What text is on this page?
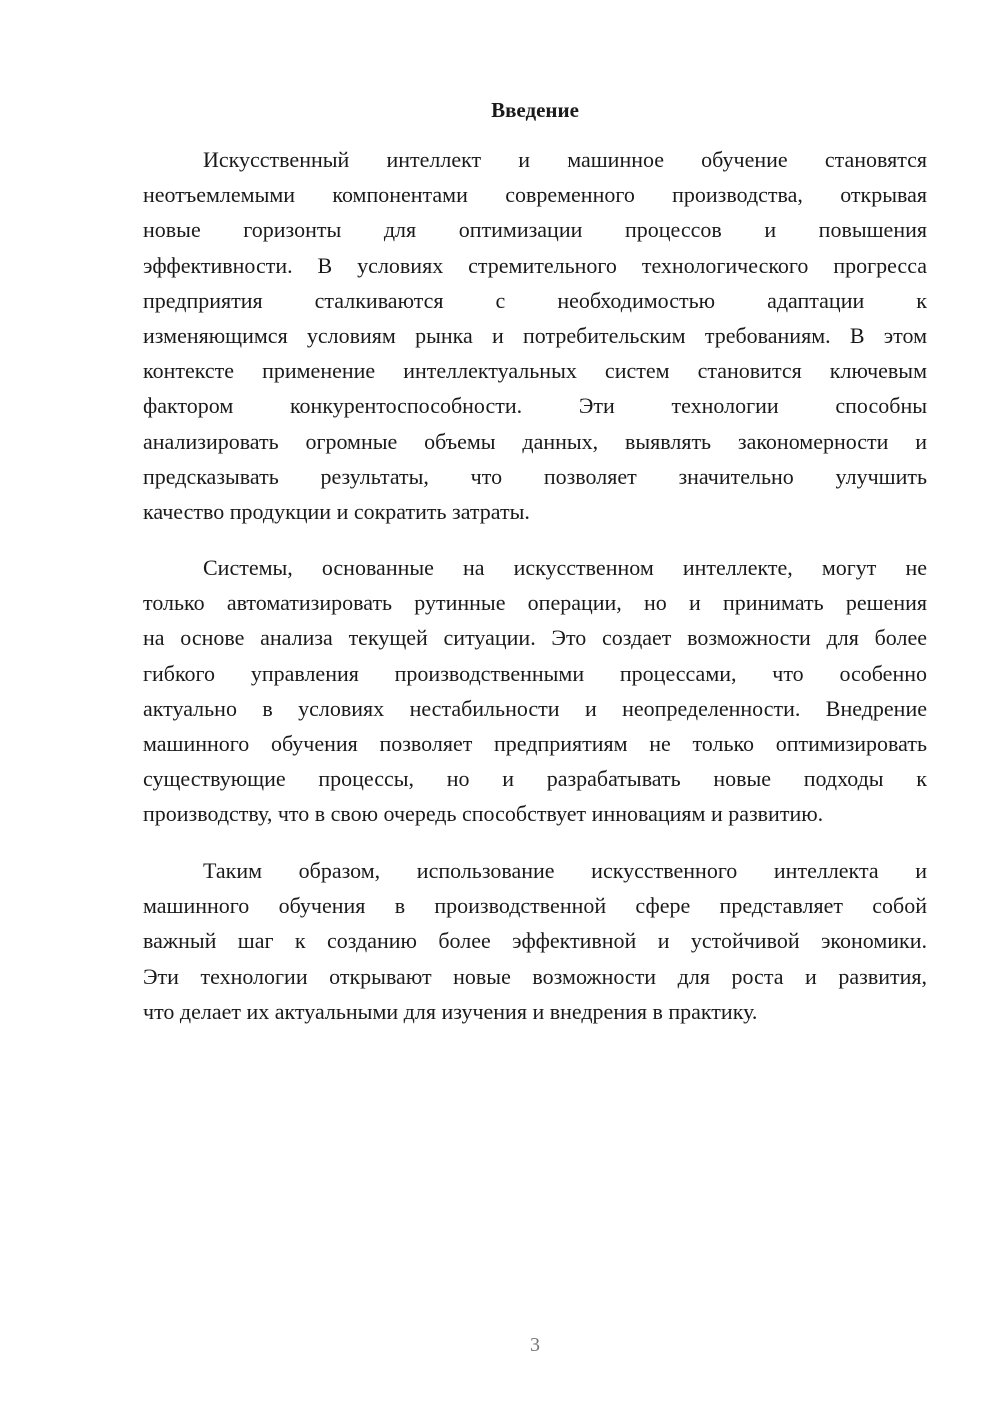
Введение
Искусственный интеллект и машинное обучение становятся
неотъемлемыми компонентами современного производства, открывая
новые горизонты для оптимизации процессов и повышения
эффективности. В условиях стремительного технологического прогресса
предприятия сталкиваются с необходимостью адаптации к
изменяющимся условиям рынка и потребительским требованиям. В этом
контексте применение интеллектуальных систем становится ключевым
фактором конкурентоспособности. Эти технологии способны
анализировать огромные объемы данных, выявлять закономерности и
предсказывать результаты, что позволяет значительно улучшить
качество продукции и сократить затраты.
Системы, основанные на искусственном интеллекте, могут не
только автоматизировать рутинные операции, но и принимать решения
на основе анализа текущей ситуации. Это создает возможности для более
гибкого управления производственными процессами, что особенно
актуально в условиях нестабильности и неопределенности. Внедрение
машинного обучения позволяет предприятиям не только оптимизировать
существующие процессы, но и разрабатывать новые подходы к
производству, что в свою очередь способствует инновациям и развитию.
Таким образом, использование искусственного интеллекта и
машинного обучения в производственной сфере представляет собой
важный шаг к созданию более эффективной и устойчивой экономики.
Эти технологии открывают новые возможности для роста и развития,
что делает их актуальными для изучения и внедрения в практику.
3
